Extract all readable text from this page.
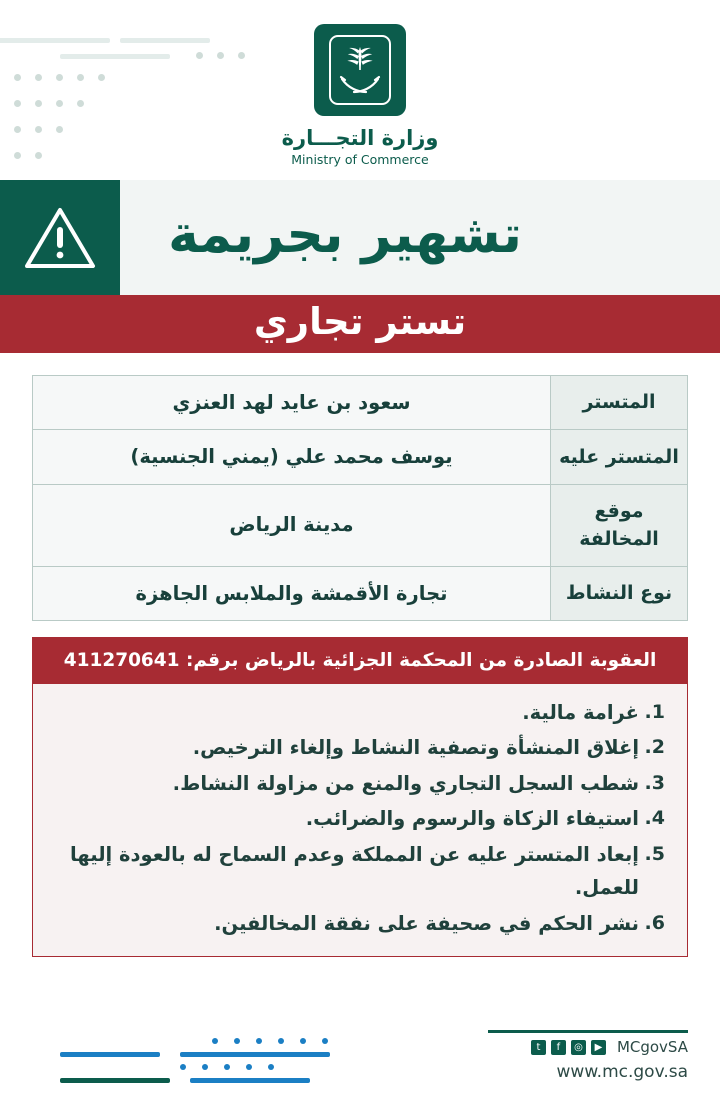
وزارة التجـــارة
Ministry of Commerce
تشهير بجريمة
تستر تجاري
المتستر	سعود بن عايد لهد العنزي
المتستر عليه	يوسف محمد علي (يمني الجنسية)
موقع المخالفة	مدينة الرياض
نوع النشاط	تجارة الأقمشة والملابس الجاهزة
العقوبة الصادرة من المحكمة الجزائية بالرياض برقم: 411270641
غرامة مالية.
إغلاق المنشأة وتصفية النشاط وإلغاء الترخيص.
شطب السجل التجاري والمنع من مزاولة النشاط.
استيفاء الزكاة والرسوم والضرائب.
إبعاد المتستر عليه عن المملكة وعدم السماح له بالعودة إليها للعمل.
نشر الحكم في صحيفة على نفقة المخالفين.
t	f	◎	▶ MCgovSA
www.mc.gov.sa
